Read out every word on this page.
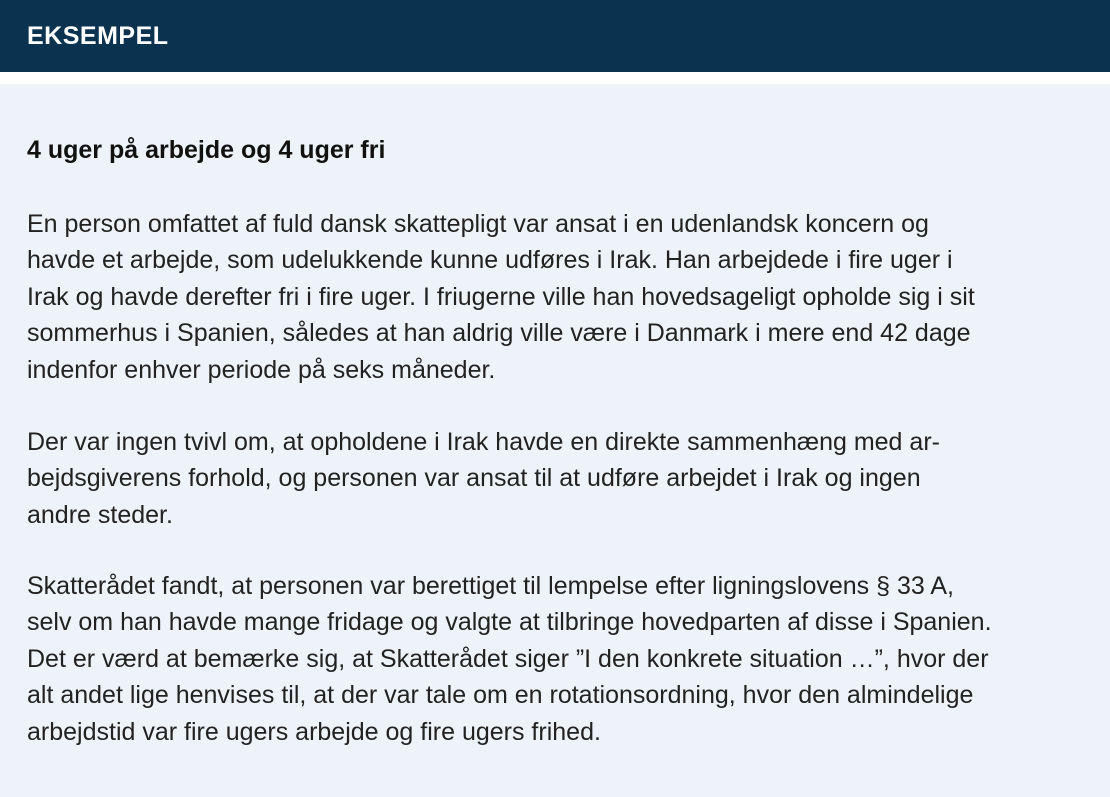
EKSEMPEL
4 uger på arbejde og 4 uger fri
En person omfattet af fuld dansk skattepligt var ansat i en udenlandsk koncern og
havde et arbejde, som udelukkende kunne udføres i Irak. Han arbejdede i fire uger i
Irak og havde derefter fri i fire uger. I friugerne ville han hovedsageligt opholde sig i sit
sommerhus i Spanien, således at han aldrig ville være i Danmark i mere end 42 dage
indenfor enhver periode på seks måneder.
Der var ingen tvivl om, at opholdene i Irak havde en direkte sammenhæng med ar-
bejdsgiverens forhold, og personen var ansat til at udføre arbejdet i Irak og ingen
andre steder.
Skatterådet fandt, at personen var berettiget til lempelse efter ligningslovens § 33 A,
selv om han havde mange fridage og valgte at tilbringe hovedparten af disse i Spanien.
Det er værd at bemærke sig, at Skatterådet siger ”I den konkrete situation …”, hvor der
alt andet lige henvises til, at der var tale om en rotationsordning, hvor den almindelige
arbejdstid var fire ugers arbejde og fire ugers frihed.
